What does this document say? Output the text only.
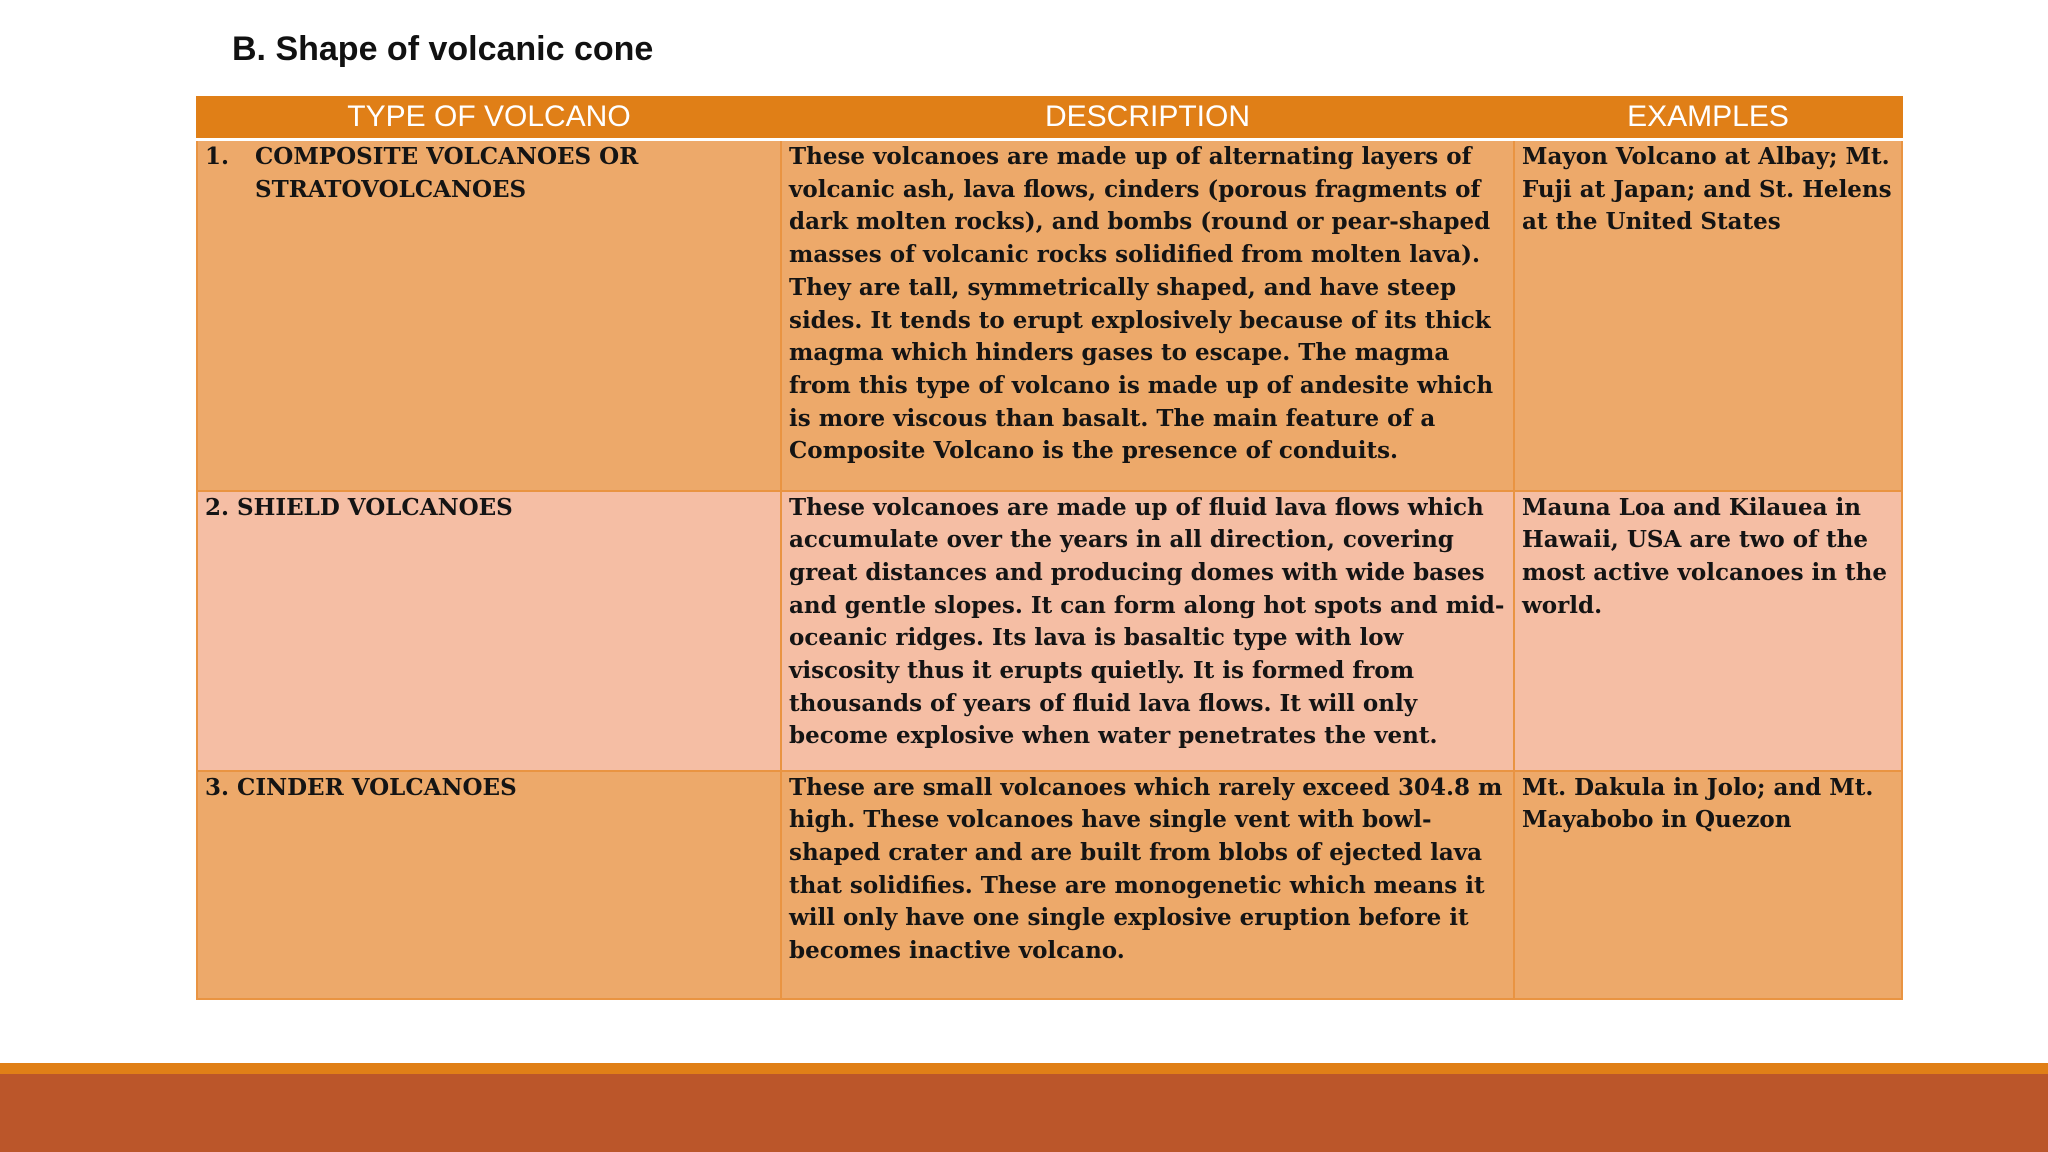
B. Shape of volcanic cone
TYPE OF VOLCANO	DESCRIPTION	EXAMPLES
1. COMPOSITE VOLCANOES OR STRATOVOLCANOES	These volcanoes are made up of alternating layers of volcanic ash, lava flows, cinders (porous fragments of dark molten rocks), and bombs (round or pear-shaped masses of volcanic rocks solidified from molten lava). They are tall, symmetrically shaped, and have steep sides. It tends to erupt explosively because of its thick magma which hinders gases to escape. The magma from this type of volcano is made up of andesite which is more viscous than basalt. The main feature of a Composite Volcano is the presence of conduits.	Mayon Volcano at Albay; Mt. Fuji at Japan; and St. Helens at the United States
2. SHIELD VOLCANOES	These volcanoes are made up of fluid lava flows which accumulate over the years in all direction, covering great distances and producing domes with wide bases and gentle slopes. It can form along hot spots and mid-oceanic ridges. Its lava is basaltic type with low viscosity thus it erupts quietly. It is formed from thousands of years of fluid lava flows. It will only become explosive when water penetrates the vent.	Mauna Loa and Kilauea in Hawaii, USA are two of the most active volcanoes in the world.
3. CINDER VOLCANOES	These are small volcanoes which rarely exceed 304.8 m high. These volcanoes have single vent with bowl-shaped crater and are built from blobs of ejected lava that solidifies. These are monogenetic which means it will only have one single explosive eruption before it becomes inactive volcano.	Mt. Dakula in Jolo; and Mt. Mayabobo in Quezon
